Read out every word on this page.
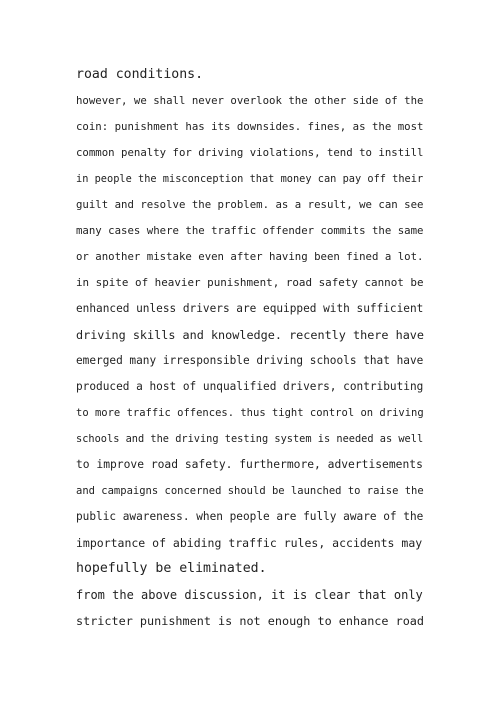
road conditions.
however, we shall never overlook the other side of the
coin: punishment has its downsides. fines, as the most
common penalty for driving violations, tend to instill
in people the misconception that money can pay off their
guilt and resolve the problem. as a result, we can see
many cases where the traffic offender commits the same
or another mistake even after having been fined a lot.
in spite of heavier punishment, road safety cannot be
enhanced unless drivers are equipped with sufficient
driving skills and knowledge. recently there have
emerged many irresponsible driving schools that have
produced a host of unqualified drivers, contributing
to more traffic offences. thus tight control on driving
schools and the driving testing system is needed as well
to improve road safety. furthermore, advertisements
and campaigns concerned should be launched to raise the
public awareness. when people are fully aware of the
importance of abiding traffic rules, accidents may
hopefully be eliminated.
from the above discussion, it is clear that only
stricter punishment is not enough to enhance road
